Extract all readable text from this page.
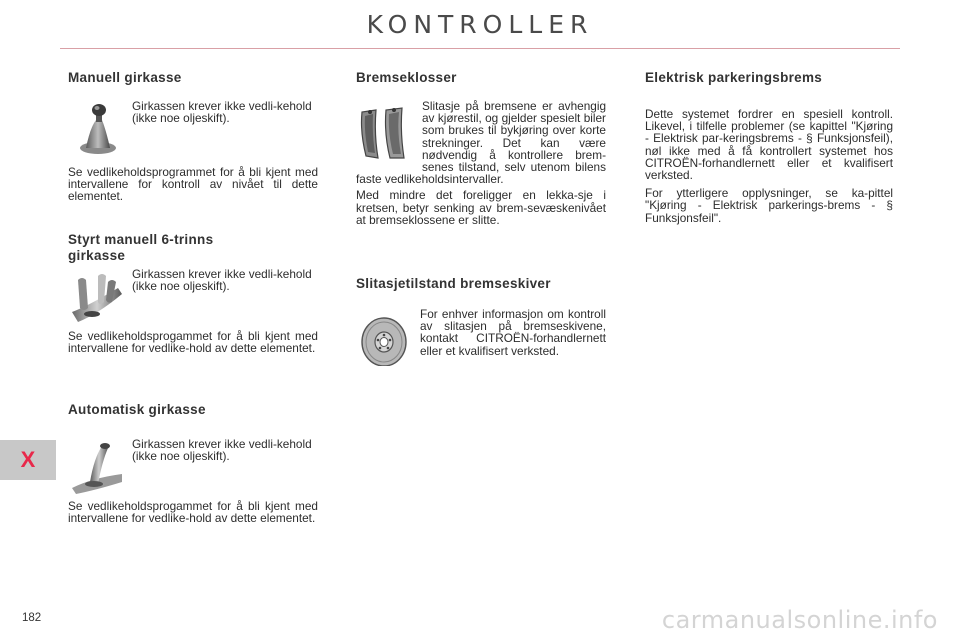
KONTROLLER
Manuell girkasse

Girkassen krever ikke vedli-kehold (ikke noe oljeskift).

Se vedlikeholdsprogrammet for å bli kjent med intervallene for kontroll av nivået til dette elementet.

Styrt manuell 6-trinns
girkasse

Girkassen krever ikke vedli-kehold (ikke noe oljeskift).

Se vedlikeholdsprogammet for å bli kjent med intervallene for vedlike-hold av dette elementet.

Automatisk girkasse

Girkassen krever ikke vedli-kehold (ikke noe oljeskift).

Se vedlikeholdsprogammet for å bli kjent med intervallene for vedlike-hold av dette elementet.

Bremseklosser

Slitasje på bremsene er avhengig av kjørestil, og gjelder spesielt biler som brukes til bykjøring over korte strekninger. Det kan være nødvendig å kontrollere brem-senes tilstand, selv utenom bilens faste vedlikeholdsintervaller.

Med mindre det foreligger en lekka-sje i kretsen, betyr senking av brem-sevæskenivået at bremseklossene er slitte.

Slitasjetilstand bremseskiver

For enhver informasjon om kontroll av slitasjen på bremseskivene, kontakt CITROËN-forhandlernett eller et kvalifisert verksted.

Elektrisk parkeringsbrems

Dette systemet fordrer en spesiell kontroll. Likevel, i tilfelle problemer (se kapittel "Kjøring - Elektrisk par-keringsbrems - § Funksjonsfeil), nøl ikke med å få kontrollert systemet hos CITROËN-forhandlernett eller et kvalifisert verksted.

For ytterligere opplysninger, se ka-pittel "Kjøring - Elektrisk parkerings-brems - § Funksjonsfeil".

X
182	carmanualsonline.info
